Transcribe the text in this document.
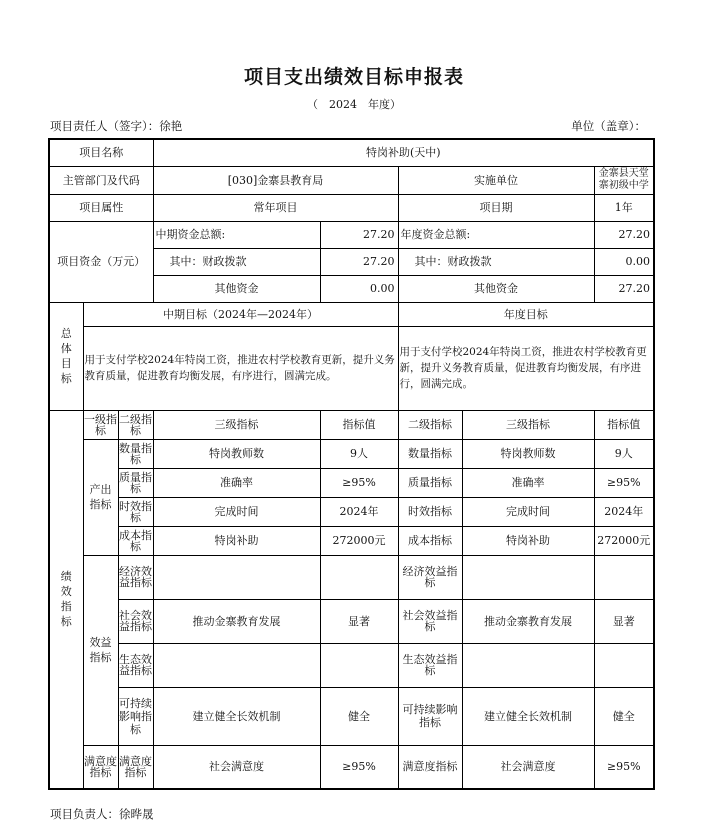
项目支出绩效目标申报表
（　2024　年度）
项目责任人（签字）：徐艳	单位（盖章）：
项目名称			特岗补助(天中)				
主管部门及代码			[030]金寨县教育局		实施单位		金寨县天堂寨初级中学
项目属性			常年项目		项目期		1年
项目资金（万元）			中期资金总额:	27.20	年度资金总额:		27.20
			其中：财政拨款	27.20	其中：财政拨款		0.00
			其他资金	0.00	其他资金		27.20
总体目标	中期目标（2024年—2024年）				年度目标		
	用于支付学校2024年特岗工资，推进农村学校教育更新，提升义务教育质量，促进教育均衡发展，有序进行，圆满完成。				用于支付学校2024年特岗工资，推进农村学校教育更新，提升义务教育质量，促进教育均衡发展，有序进行，圆满完成。		
绩效指标	一级指标	二级指标	三级指标	指标值	二级指标	三级指标	指标值
	产出指标	数量指标	特岗教师数	9人	数量指标	特岗教师数	9人
		质量指标	准确率	≥95%	质量指标	准确率	≥95%
		时效指标	完成时间	2024年	时效指标	完成时间	2024年
		成本指标	特岗补助	272000元	成本指标	特岗补助	272000元
	效益指标	经济效益指标			经济效益指标		
		社会效益指标	推动金寨教育发展	显著	社会效益指标	推动金寨教育发展	显著
		生态效益指标			生态效益指标		
		可持续影响指标	建立健全长效机制	健全	可持续影响指标	建立健全长效机制	健全
	满意度指标	满意度指标	社会满意度	≥95%	满意度指标	社会满意度	≥95%
项目负责人：徐晔晟
